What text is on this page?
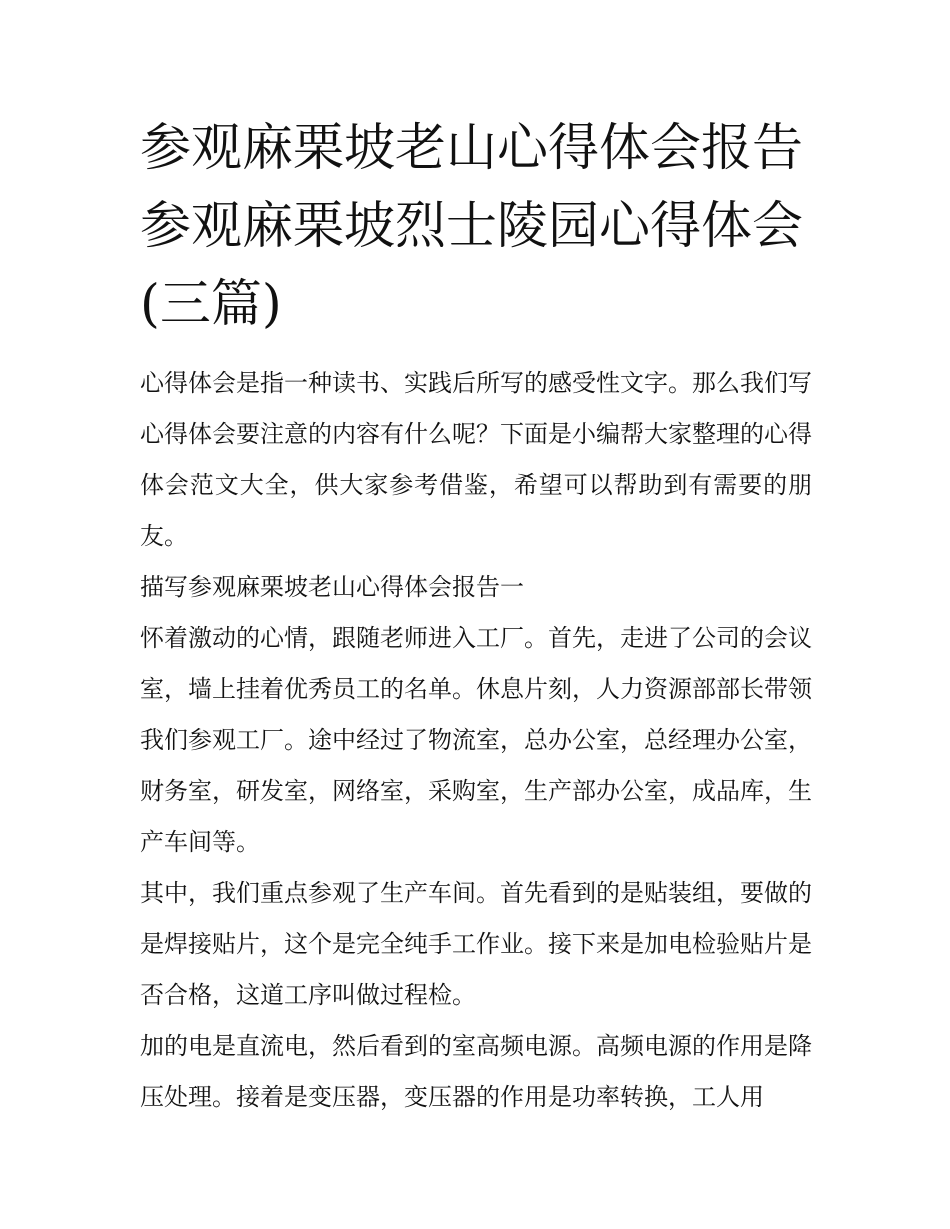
参观麻栗坡老山心得体会报告
参观麻栗坡烈士陵园心得体会
(三篇)

心得体会是指一种读书、实践后所写的感受性文字。那么我们写心得体会要注意的内容有什么呢？下面是小编帮大家整理的心得体会范文大全，供大家参考借鉴，希望可以帮助到有需要的朋友。

描写参观麻栗坡老山心得体会报告一

怀着激动的心情，跟随老师进入工厂。首先，走进了公司的会议室，墙上挂着优秀员工的名单。休息片刻，人力资源部部长带领我们参观工厂。途中经过了物流室，总办公室，总经理办公室，财务室，研发室，网络室，采购室，生产部办公室，成品库，生产车间等。

其中，我们重点参观了生产车间。首先看到的是贴装组，要做的是焊接贴片，这个是完全纯手工作业。接下来是加电检验贴片是否合格，这道工序叫做过程检。

加的电是直流电，然后看到的室高频电源。高频电源的作用是降压处理。接着是变压器，变压器的作用是功率转换，工人用
